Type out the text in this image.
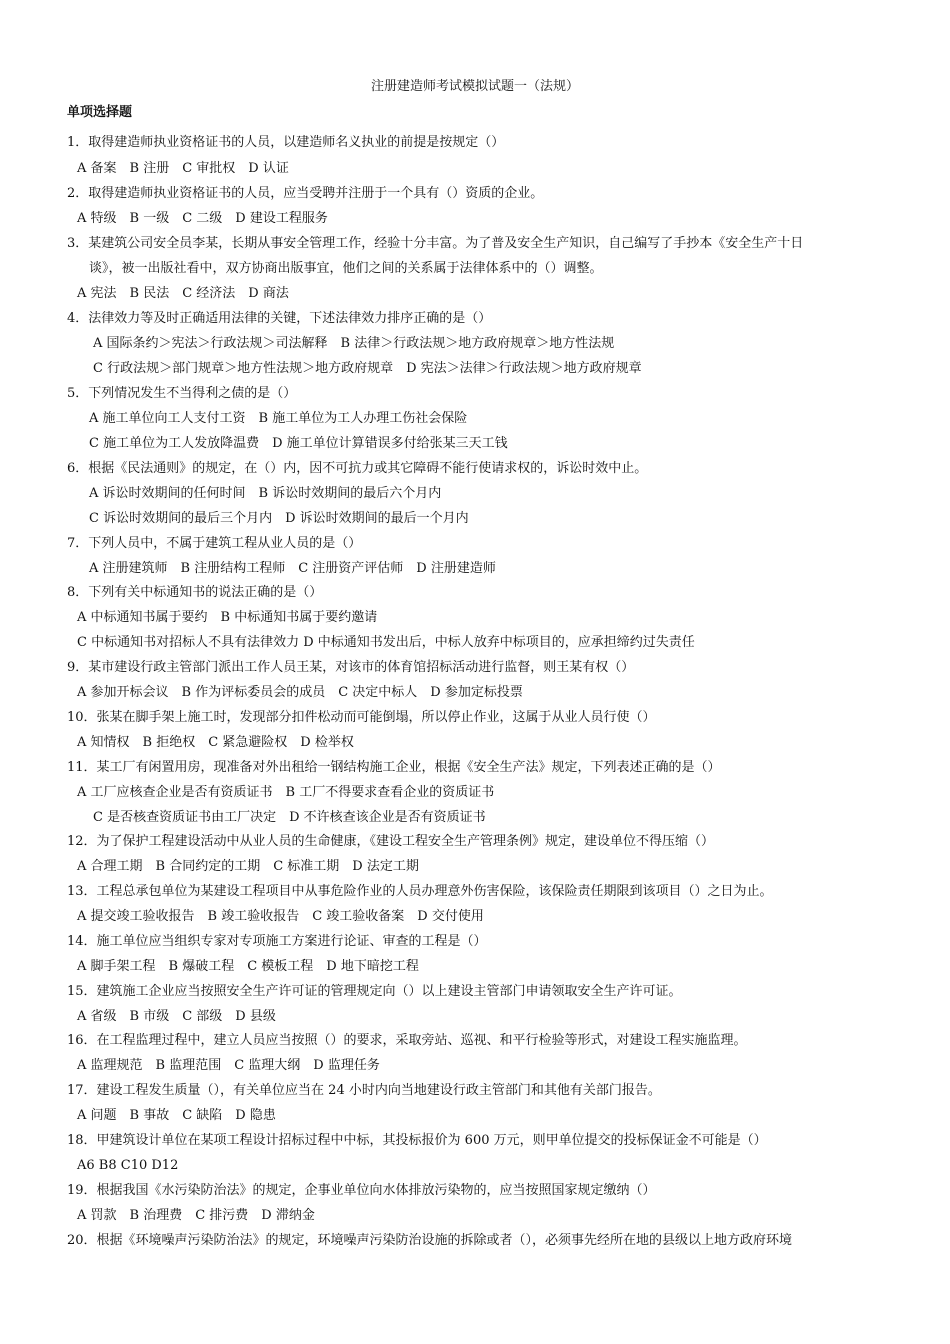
注册建造师考试模拟试题一（法规）
单项选择题
1．取得建造师执业资格证书的人员，以建造师名义执业的前提是按规定（）
A 备案　B 注册　C 审批权　D 认证
2．取得建造师执业资格证书的人员，应当受聘并注册于一个具有（）资质的企业。
A 特级　B 一级　C 二级　D 建设工程服务
3．某建筑公司安全员李某，长期从事安全管理工作，经验十分丰富。为了普及安全生产知识，自己编写了手抄本《安全生产十日
谈》，被一出版社看中，双方协商出版事宜，他们之间的关系属于法律体系中的（）调整。
A 宪法　B 民法　C 经济法　D 商法
4．法律效力等及时正确适用法律的关键，下述法律效力排序正确的是（）
A 国际条约＞宪法＞行政法规＞司法解释　B 法律＞行政法规＞地方政府规章＞地方性法规
C 行政法规＞部门规章＞地方性法规＞地方政府规章　D 宪法＞法律＞行政法规＞地方政府规章
5．下列情况发生不当得利之债的是（）
A 施工单位向工人支付工资　B 施工单位为工人办理工伤社会保险
C 施工单位为工人发放降温费　D 施工单位计算错误多付给张某三天工钱
6．根据《民法通则》的规定，在（）内，因不可抗力或其它障碍不能行使请求权的，诉讼时效中止。
A 诉讼时效期间的任何时间　B 诉讼时效期间的最后六个月内
C 诉讼时效期间的最后三个月内　D 诉讼时效期间的最后一个月内
7．下列人员中，不属于建筑工程从业人员的是（）
A 注册建筑师　B 注册结构工程师　C 注册资产评估师　D 注册建造师
8．下列有关中标通知书的说法正确的是（）
A 中标通知书属于要约　B 中标通知书属于要约邀请
C 中标通知书对招标人不具有法律效力 D 中标通知书发出后，中标人放弃中标项目的，应承担缔约过失责任
9．某市建设行政主管部门派出工作人员王某，对该市的体育馆招标活动进行监督，则王某有权（）
A 参加开标会议　B 作为评标委员会的成员　C 决定中标人　D 参加定标投票
10．张某在脚手架上施工时，发现部分扣件松动而可能倒塌，所以停止作业，这属于从业人员行使（）
A 知情权　B 拒绝权　C 紧急避险权　D 检举权
11．某工厂有闲置用房，现准备对外出租给一钢结构施工企业，根据《安全生产法》规定，下列表述正确的是（）
A 工厂应核查企业是否有资质证书　B 工厂不得要求查看企业的资质证书
C 是否核查资质证书由工厂决定　D 不许核查该企业是否有资质证书
12．为了保护工程建设活动中从业人员的生命健康，《建设工程安全生产管理条例》规定，建设单位不得压缩（）
A 合理工期　B 合同约定的工期　C 标准工期　D 法定工期
13．工程总承包单位为某建设工程项目中从事危险作业的人员办理意外伤害保险，该保险责任期限到该项目（）之日为止。
A 提交竣工验收报告　B 竣工验收报告　C 竣工验收备案　D 交付使用
14．施工单位应当组织专家对专项施工方案进行论证、审查的工程是（）
A 脚手架工程　B 爆破工程　C 模板工程　D 地下暗挖工程
15．建筑施工企业应当按照安全生产许可证的管理规定向（）以上建设主管部门申请领取安全生产许可证。
A 省级　B 市级　C 部级　D 县级
16．在工程监理过程中，建立人员应当按照（）的要求，采取旁站、巡视、和平行检验等形式，对建设工程实施监理。
A 监理规范　B 监理范围　C 监理大纲　D 监理任务
17．建设工程发生质量（），有关单位应当在 24 小时内向当地建设行政主管部门和其他有关部门报告。
A 问题　B 事故　C 缺陷　D 隐患
18．甲建筑设计单位在某项工程设计招标过程中中标，其投标报价为 600 万元，则甲单位提交的投标保证金不可能是（）
A6 B8 C10 D12
19．根据我国《水污染防治法》的规定，企事业单位向水体排放污染物的，应当按照国家规定缴纳（）
A 罚款　B 治理费　C 排污费　D 滞纳金
20．根据《环境噪声污染防治法》的规定，环境噪声污染防治设施的拆除或者（），必须事先经所在地的县级以上地方政府环境
